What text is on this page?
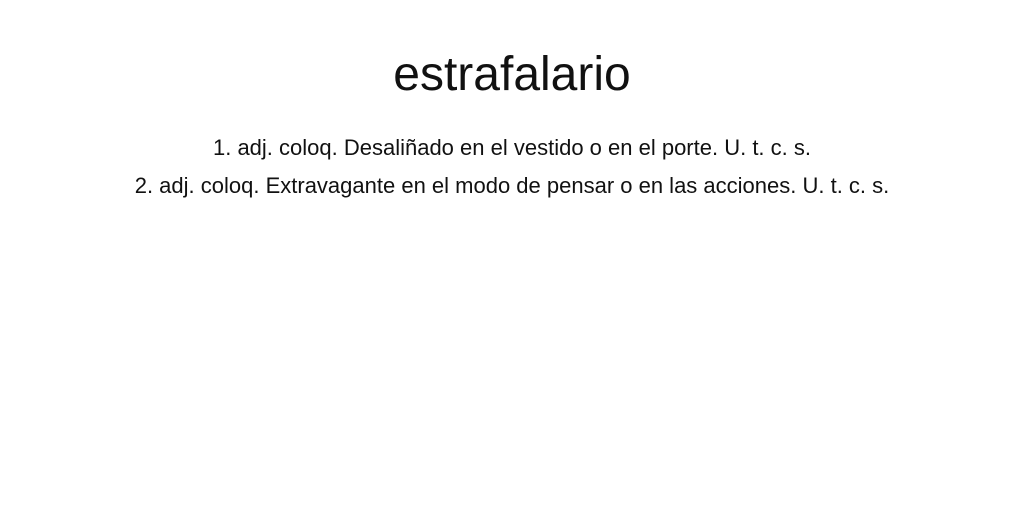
estrafalario
1. adj. coloq. Desaliñado en el vestido o en el porte. U. t. c. s.
2. adj. coloq. Extravagante en el modo de pensar o en las acciones. U. t. c. s.
